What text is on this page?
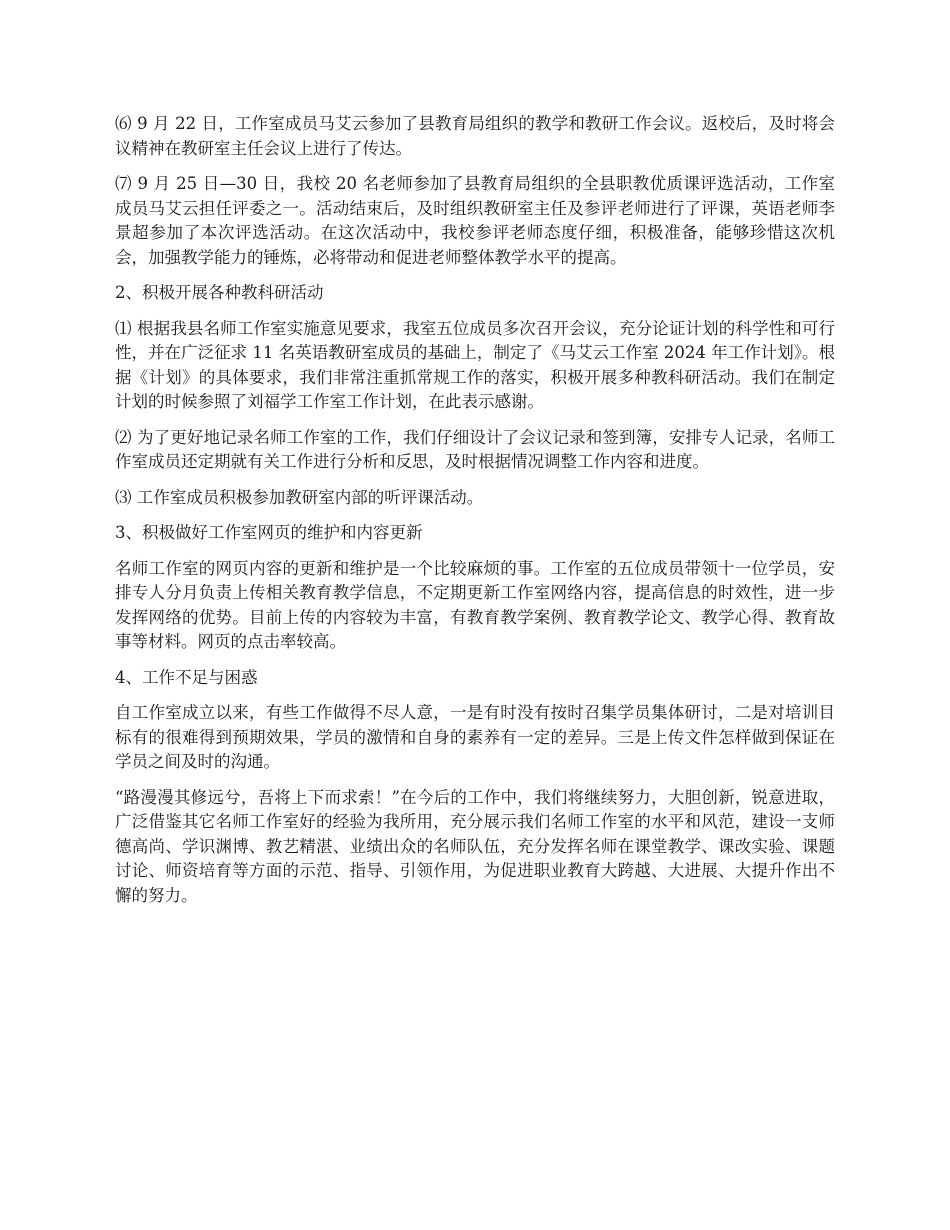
⑹ 9 月 22 日，工作室成员马艾云参加了县教育局组织的教学和教研工作会议。返校后，及时将会议精神在教研室主任会议上进行了传达。

⑺ 9 月 25 日—30 日，我校 20 名老师参加了县教育局组织的全县职教优质课评选活动，工作室成员马艾云担任评委之一。活动结束后，及时组织教研室主任及参评老师进行了评课，英语老师李景超参加了本次评选活动。在这次活动中，我校参评老师态度仔细，积极准备，能够珍惜这次机会，加强教学能力的锤炼，必将带动和促进老师整体教学水平的提高。

2、积极开展各种教科研活动

⑴ 根据我县名师工作室实施意见要求，我室五位成员多次召开会议，充分论证计划的科学性和可行性，并在广泛征求 11 名英语教研室成员的基础上，制定了《马艾云工作室 2024 年工作计划》。根据《计划》的具体要求，我们非常注重抓常规工作的落实，积极开展多种教科研活动。我们在制定计划的时候参照了刘福学工作室工作计划，在此表示感谢。

⑵ 为了更好地记录名师工作室的工作，我们仔细设计了会议记录和签到簿，安排专人记录，名师工作室成员还定期就有关工作进行分析和反思，及时根据情况调整工作内容和进度。

⑶ 工作室成员积极参加教研室内部的听评课活动。

3、积极做好工作室网页的维护和内容更新

名师工作室的网页内容的更新和维护是一个比较麻烦的事。工作室的五位成员带领十一位学员，安排专人分月负责上传相关教育教学信息，不定期更新工作室网络内容，提高信息的时效性，进一步发挥网络的优势。目前上传的内容较为丰富，有教育教学案例、教育教学论文、教学心得、教育故事等材料。网页的点击率较高。

4、工作不足与困惑

自工作室成立以来，有些工作做得不尽人意，一是有时没有按时召集学员集体研讨，二是对培训目标有的很难得到预期效果，学员的激情和自身的素养有一定的差异。三是上传文件怎样做到保证在学员之间及时的沟通。

“路漫漫其修远兮，吾将上下而求索！”在今后的工作中，我们将继续努力，大胆创新，锐意进取，广泛借鉴其它名师工作室好的经验为我所用，充分展示我们名师工作室的水平和风范，建设一支师德高尚、学识渊博、教艺精湛、业绩出众的名师队伍，充分发挥名师在课堂教学、课改实验、课题讨论、师资培育等方面的示范、指导、引领作用，为促进职业教育大跨越、大进展、大提升作出不懈的努力。
